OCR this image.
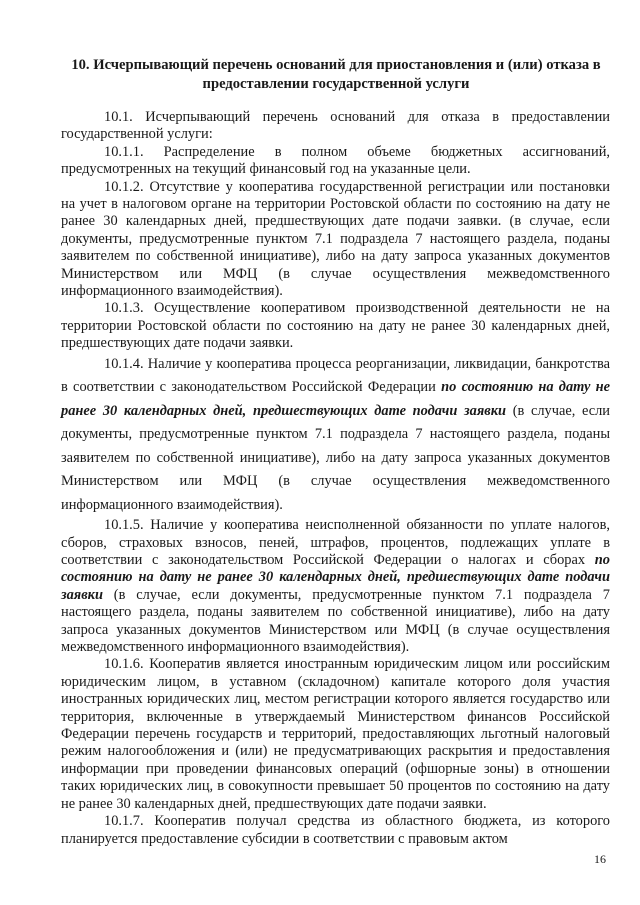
10. Исчерпывающий перечень оснований для приостановления и (или) отказа в предоставлении государственной услуги

10.1. Исчерпывающий перечень оснований для отказа в предоставлении государственной услуги:

10.1.1. Распределение в полном объеме бюджетных ассигнований, предусмотренных на текущий финансовый год на указанные цели.

10.1.2. Отсутствие у кооператива государственной регистрации или постановки на учет в налоговом органе на территории Ростовской области по состоянию на дату не ранее 30 календарных дней, предшествующих дате подачи заявки. (в случае, если документы, предусмотренные пунктом 7.1 подраздела 7 настоящего раздела, поданы заявителем по собственной инициативе), либо на дату запроса указанных документов Министерством или МФЦ (в случае осуществления межведомственного информационного взаимодействия).

10.1.3. Осуществление кооперативом производственной деятельности не на территории Ростовской области по состоянию на дату не ранее 30 календарных дней, предшествующих дате подачи заявки.

10.1.4. Наличие у кооператива процесса реорганизации, ликвидации, банкротства в соответствии с законодательством Российской Федерации по состоянию на дату не ранее 30 календарных дней, предшествующих дате подачи заявки (в случае, если документы, предусмотренные пунктом 7.1 подраздела 7 настоящего раздела, поданы заявителем по собственной инициативе), либо на дату запроса указанных документов Министерством или МФЦ (в случае осуществления межведомственного информационного взаимодействия).

10.1.5. Наличие у кооператива неисполненной обязанности по уплате налогов, сборов, страховых взносов, пеней, штрафов, процентов, подлежащих уплате в соответствии с законодательством Российской Федерации о налогах и сборах по состоянию на дату не ранее 30 календарных дней, предшествующих дате подачи заявки (в случае, если документы, предусмотренные пунктом 7.1 подраздела 7 настоящего раздела, поданы заявителем по собственной инициативе), либо на дату запроса указанных документов Министерством или МФЦ (в случае осуществления межведомственного информационного взаимодействия).

10.1.6. Кооператив является иностранным юридическим лицом или российским юридическим лицом, в уставном (складочном) капитале которого доля участия иностранных юридических лиц, местом регистрации которого является государство или территория, включенные в утверждаемый Министерством финансов Российской Федерации перечень государств и территорий, предоставляющих льготный налоговый режим налогообложения и (или) не предусматривающих раскрытия и предоставления информации при проведении финансовых операций (офшорные зоны) в отношении таких юридических лиц, в совокупности превышает 50 процентов по состоянию на дату не ранее 30 календарных дней, предшествующих дате подачи заявки.

10.1.7. Кооператив получал средства из областного бюджета, из которого планируется предоставление субсидии в соответствии с правовым актом

16
